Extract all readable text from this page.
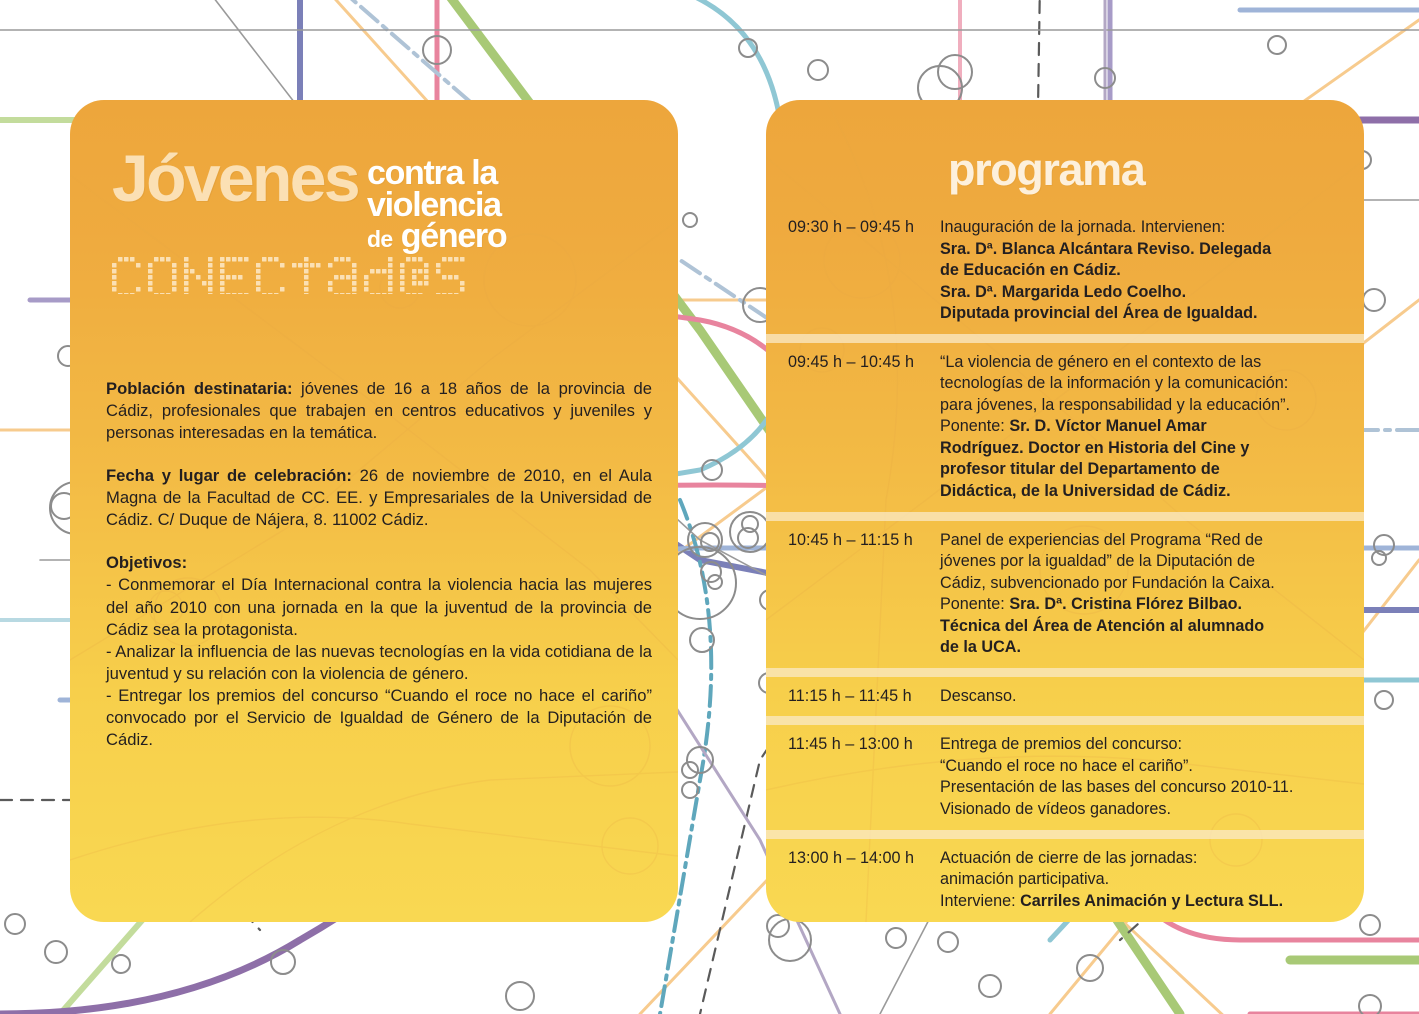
Jóvenes contra la
violencia
de género
Población destinataria: jóvenes de 16 a 18 años de la provincia de Cádiz, profesionales que trabajen en centros educativos y juveniles y personas interesadas en la temática.
Fecha y lugar de celebración: 26 de noviembre de 2010, en el Aula Magna de la Facultad de CC. EE. y Empresariales de la Universidad de Cádiz. C/ Duque de Nájera, 8. 11002 Cádiz.
Objetivos:
- Conmemorar el Día Internacional contra la violencia hacia las mujeres del año 2010 con una jornada en la que la juventud de la provincia de Cádiz sea la protagonista.
- Analizar la influencia de las nuevas tecnologías en la vida cotidiana de la juventud y su relación con la violencia de género.
- Entregar los premios del concurso “Cuando el roce no hace el cariño” convocado por el Servicio de Igualdad de Género de la Diputación de Cádiz.
programa
09:30 h – 09:45 h	Inauguración de la jornada. Intervienen:
Sra. Dª. Blanca Alcántara Reviso. Delegada
de Educación en Cádiz.
Sra. Dª. Margarida Ledo Coelho.
Diputada provincial del Área de Igualdad.
09:45 h – 10:45 h	“La violencia de género en el contexto de las
tecnologías de la información y la comunicación:
para jóvenes, la responsabilidad y la educación”.
Ponente: Sr. D. Víctor Manuel Amar
Rodríguez. Doctor en Historia del Cine y
profesor titular del Departamento de
Didáctica, de la Universidad de Cádiz.
10:45 h – 11:15 h	Panel de experiencias del Programa “Red de
jóvenes por la igualdad” de la Diputación de
Cádiz, subvencionado por Fundación la Caixa.
Ponente: Sra. Dª. Cristina Flórez Bilbao.
Técnica del Área de Atención al alumnado
de la UCA.
11:15 h – 11:45 h	Descanso.
11:45 h – 13:00 h	Entrega de premios del concurso:
“Cuando el roce no hace el cariño”.
Presentación de las bases del concurso 2010-11.
Visionado de vídeos ganadores.
13:00 h – 14:00 h	Actuación de cierre de las jornadas:
animación participativa.
Interviene: Carriles Animación y Lectura SLL.
